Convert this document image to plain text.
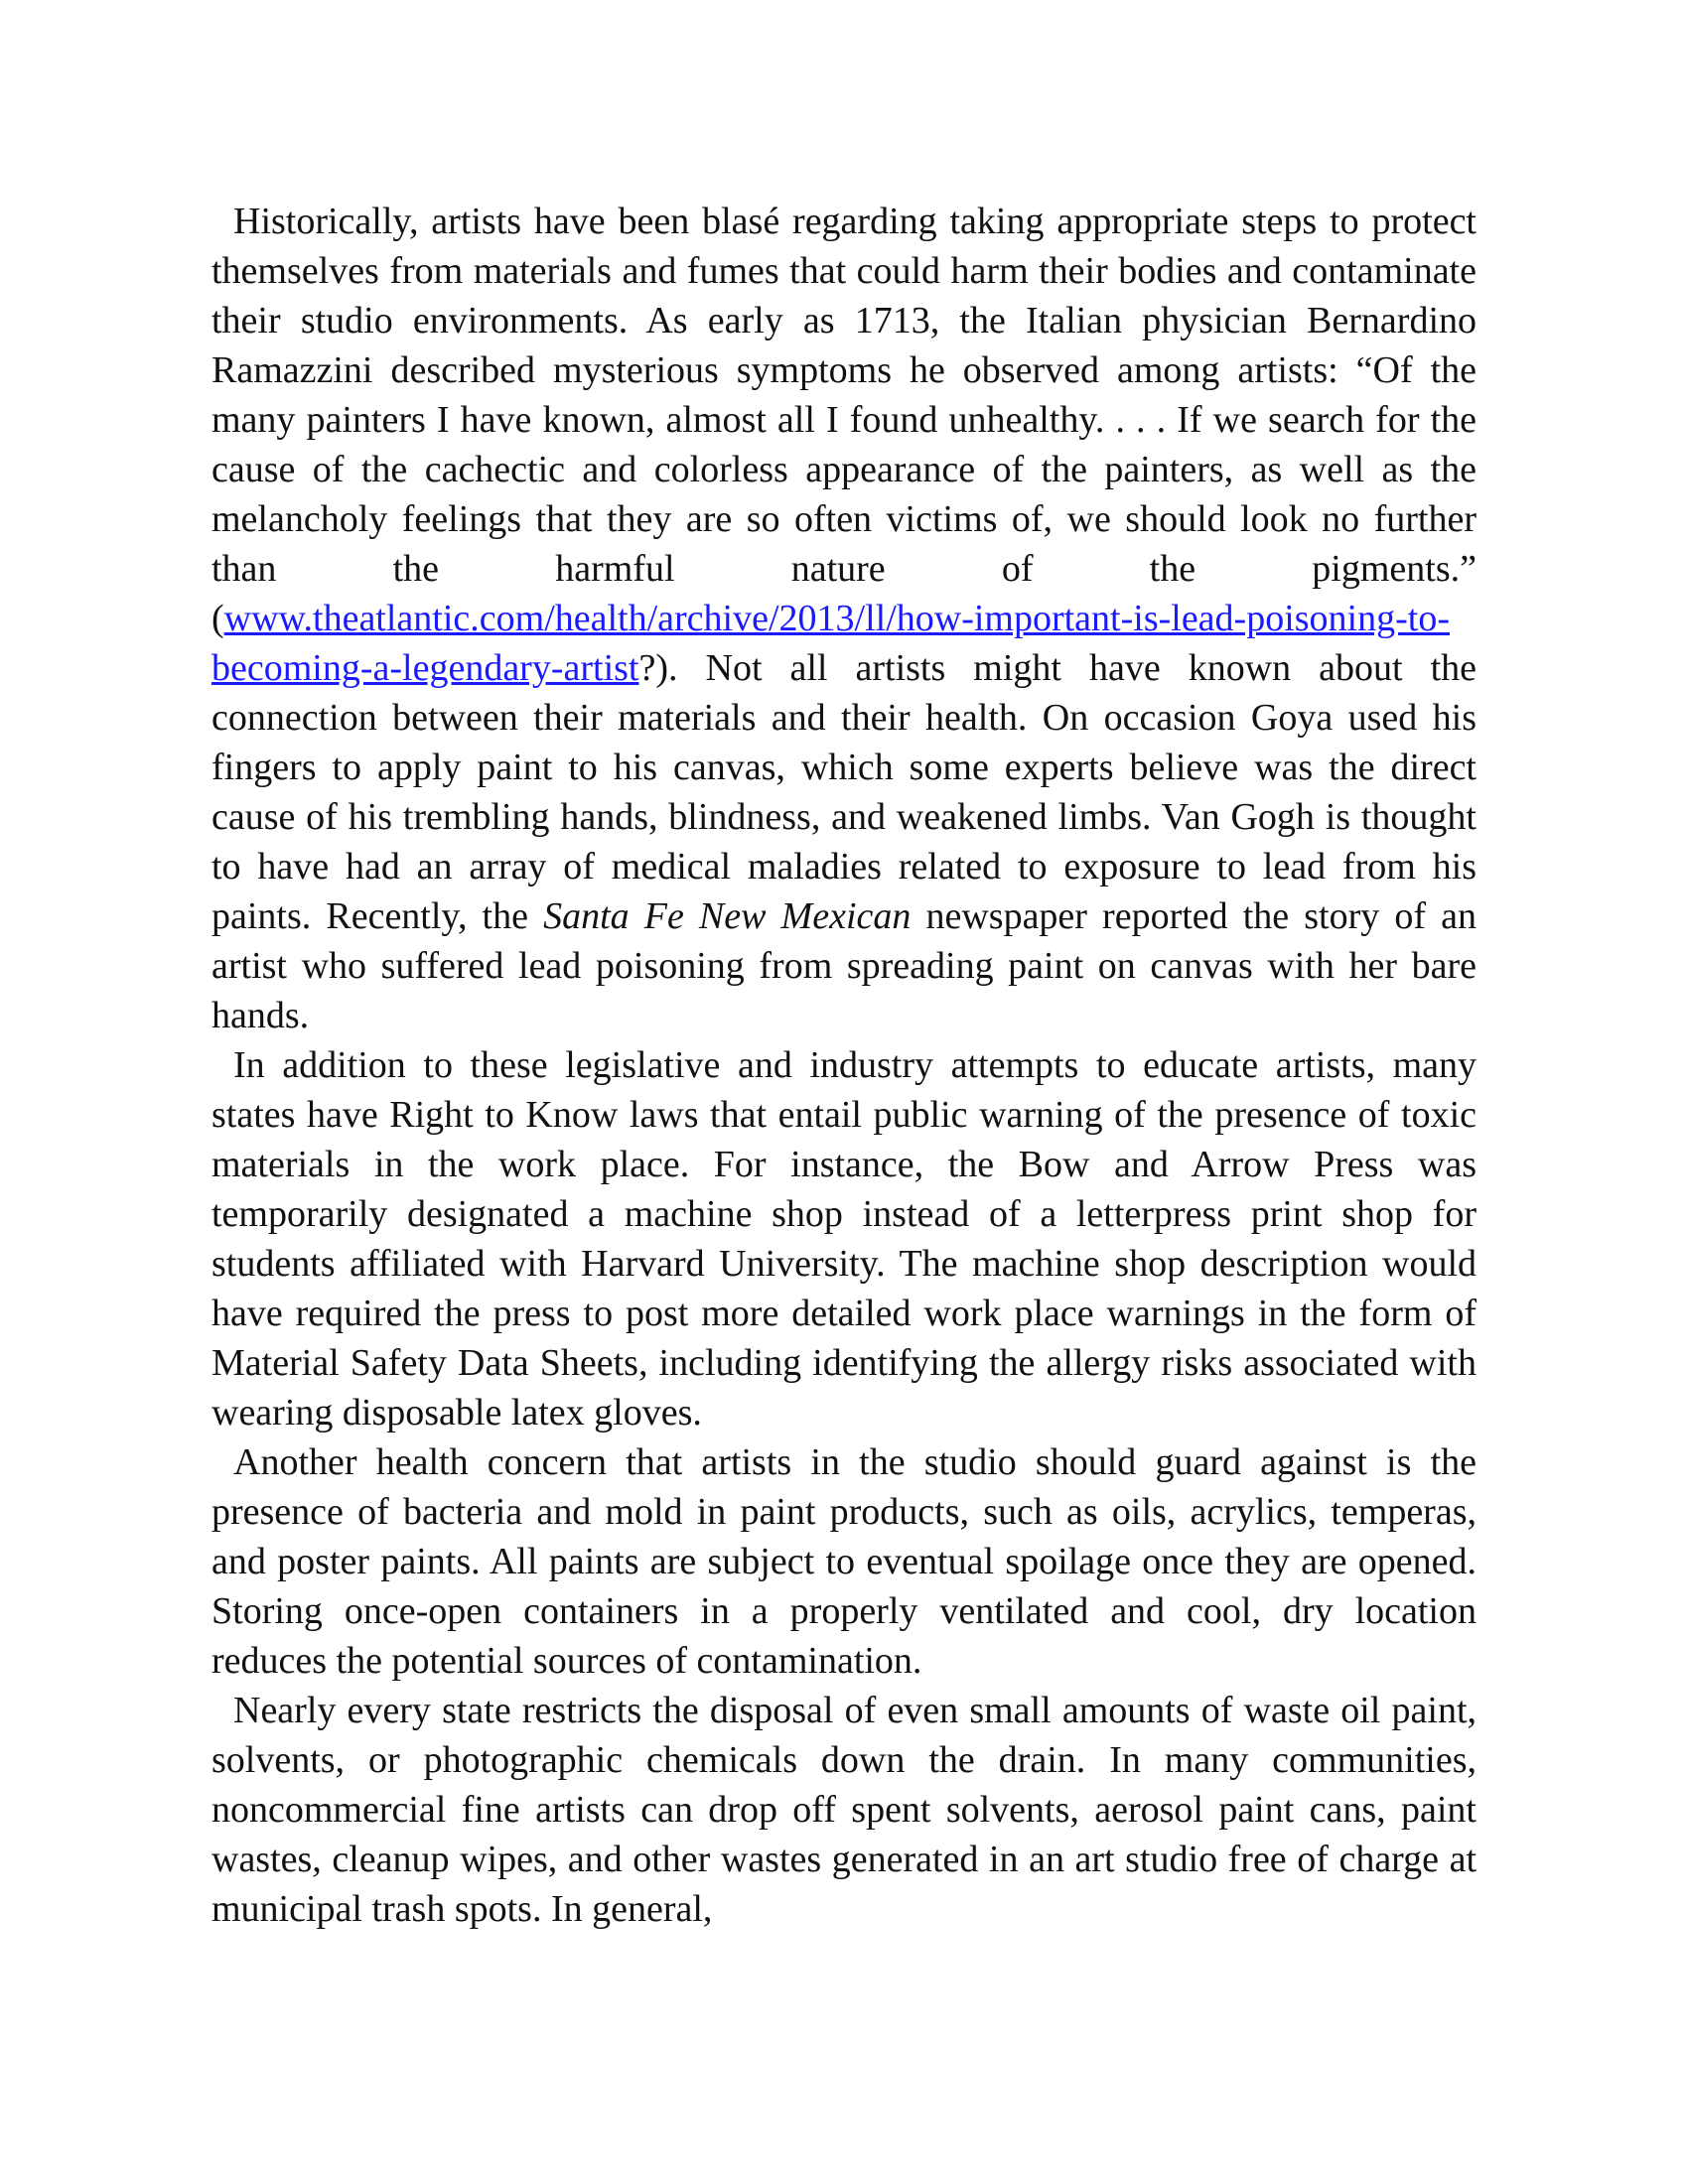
Historically, artists have been blasé regarding taking appropriate steps to protect themselves from materials and fumes that could harm their bodies and contaminate their studio environments. As early as 1713, the Italian physician Bernardino Ramazzini described mysterious symptoms he observed among artists: “Of the many painters I have known, almost all I found unhealthy. . . . If we search for the cause of the cachectic and colorless appearance of the painters, as well as the melancholy feelings that they are so often victims of, we should look no further than the harmful nature of the pigments.” (www.theatlantic.com/health/archive/2013/ll/how-important-is-lead-poisoning-to-becoming-a-legendary-artist?). Not all artists might have known about the connection between their materials and their health. On occasion Goya used his fingers to apply paint to his canvas, which some experts believe was the direct cause of his trembling hands, blindness, and weakened limbs. Van Gogh is thought to have had an array of medical maladies related to exposure to lead from his paints. Recently, the Santa Fe New Mexican newspaper reported the story of an artist who suffered lead poisoning from spreading paint on canvas with her bare hands.

In addition to these legislative and industry attempts to educate artists, many states have Right to Know laws that entail public warning of the presence of toxic materials in the work place. For instance, the Bow and Arrow Press was temporarily designated a machine shop instead of a letterpress print shop for students affiliated with Harvard University. The machine shop description would have required the press to post more detailed work place warnings in the form of Material Safety Data Sheets, including identifying the allergy risks associated with wearing disposable latex gloves.

Another health concern that artists in the studio should guard against is the presence of bacteria and mold in paint products, such as oils, acrylics, temperas, and poster paints. All paints are subject to eventual spoilage once they are opened. Storing once-open containers in a properly ventilated and cool, dry location reduces the potential sources of contamination.

Nearly every state restricts the disposal of even small amounts of waste oil paint, solvents, or photographic chemicals down the drain. In many communities, noncommercial fine artists can drop off spent solvents, aerosol paint cans, paint wastes, cleanup wipes, and other wastes generated in an art studio free of charge at municipal trash spots. In general,
